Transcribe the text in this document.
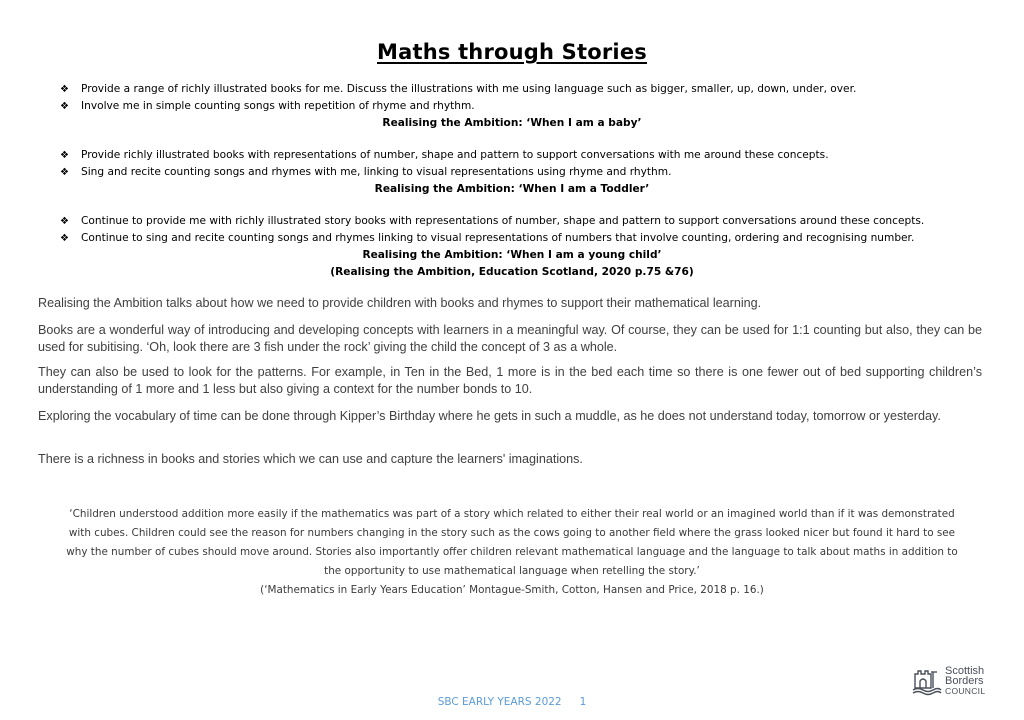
Maths through Stories
❖	Provide a range of richly illustrated books for me. Discuss the illustrations with me using language such as bigger, smaller, up, down, under, over.
❖	Involve me in simple counting songs with repetition of rhyme and rhythm.
Realising the Ambition: ‘When I am a baby’
❖	Provide richly illustrated books with representations of number, shape and pattern to support conversations with me around these concepts.
❖	Sing and recite counting songs and rhymes with me, linking to visual representations using rhyme and rhythm.
Realising the Ambition: ‘When I am a Toddler’
❖	Continue to provide me with richly illustrated story books with representations of number, shape and pattern to support conversations around these concepts.
❖	Continue to sing and recite counting songs and rhymes linking to visual representations of numbers that involve counting, ordering and recognising number.
Realising the Ambition: ‘When I am a young child’
(Realising the Ambition, Education Scotland, 2020 p.75 &76)
Realising the Ambition talks about how we need to provide children with books and rhymes to support their mathematical learning.
Books are a wonderful way of introducing and developing concepts with learners in a meaningful way. Of course, they can be used for 1:1 counting but also, they can be used for subitising. ‘Oh, look there are 3 fish under the rock’ giving the child the concept of 3 as a whole.
They can also be used to look for the patterns. For example, in Ten in the Bed, 1 more is in the bed each time so there is one fewer out of bed supporting children’s understanding of 1 more and 1 less but also giving a context for the number bonds to 10.
Exploring the vocabulary of time can be done through Kipper’s Birthday where he gets in such a muddle, as he does not understand today, tomorrow or yesterday.
There is a richness in books and stories which we can use and capture the learners' imaginations.
‘Children understood addition more easily if the mathematics was part of a story which related to either their real world or an imagined world than if it was demonstrated
with cubes. Children could see the reason for numbers changing in the story such as the cows going to another field where the grass looked nicer but found it hard to see
why the number of cubes should move around. Stories also importantly offer children relevant mathematical language and the language to talk about maths in addition to
the opportunity to use mathematical language when retelling the story.’
(‘Mathematics in Early Years Education’ Montague-Smith, Cotton, Hansen and Price, 2018 p. 16.)
Scottish
Borders
COUNCIL
SBC EARLY YEARS 2022 1
